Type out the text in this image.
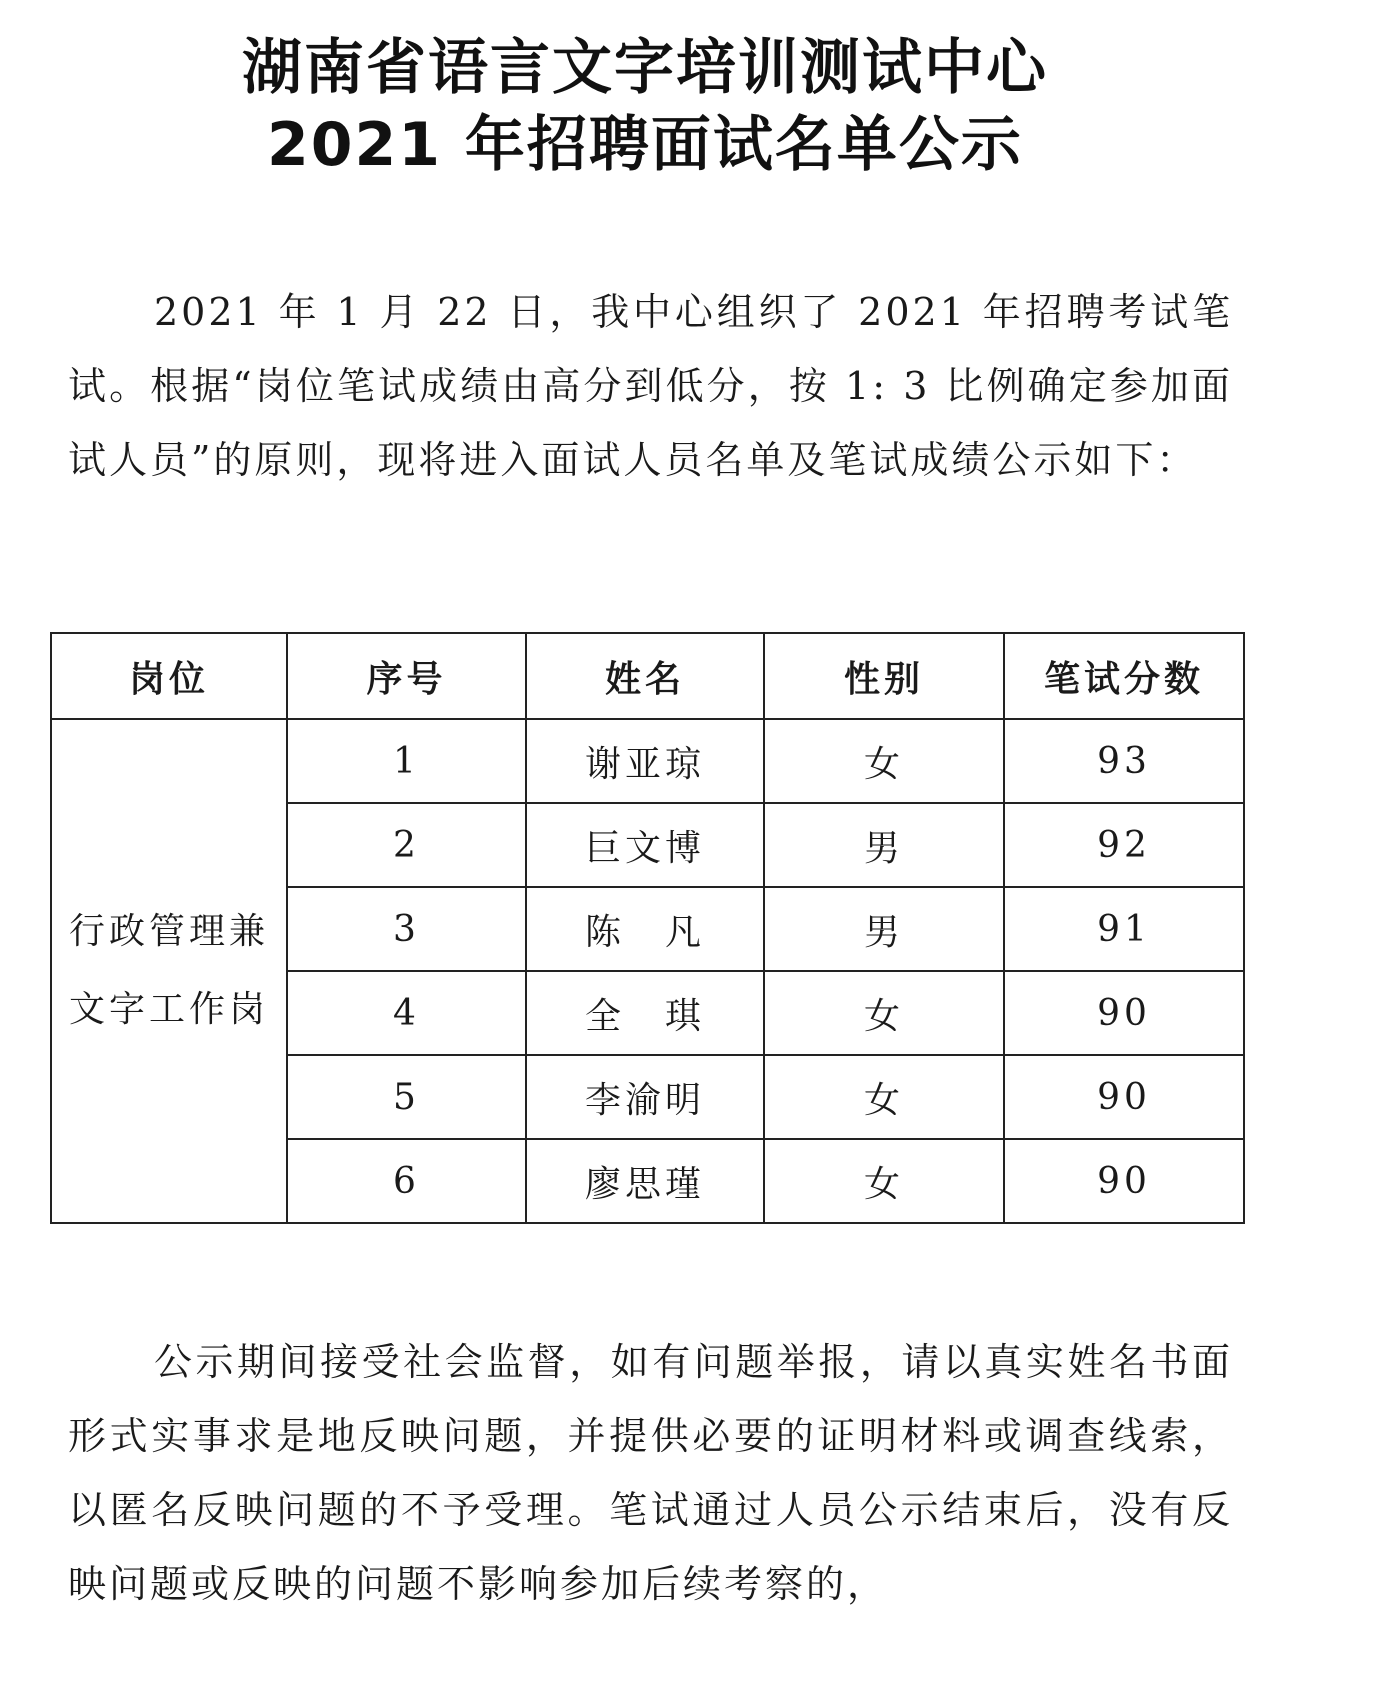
湖南省语言文字培训测试中心
2021 年招聘面试名单公示

2021 年 1 月 22 日，我中心组织了 2021 年招聘考试笔试。根据“岗位笔试成绩由高分到低分，按 1: 3 比例确定参加面试人员”的原则，现将进入面试人员名单及笔试成绩公示如下：

岗位	序号	姓名	性别	笔试分数

行政管理兼
文字工作岗	1	谢亚琼	女	93
	2	巨文博	男	92
	3	陈　凡	男	91
	4	全　琪	女	90
	5	李渝明	女	90
	6	廖思瑾	女	90

公示期间接受社会监督，如有问题举报，请以真实姓名书面形式实事求是地反映问题，并提供必要的证明材料或调查线索，以匿名反映问题的不予受理。笔试通过人员公示结束后，没有反映问题或反映的问题不影响参加后续考察的，
